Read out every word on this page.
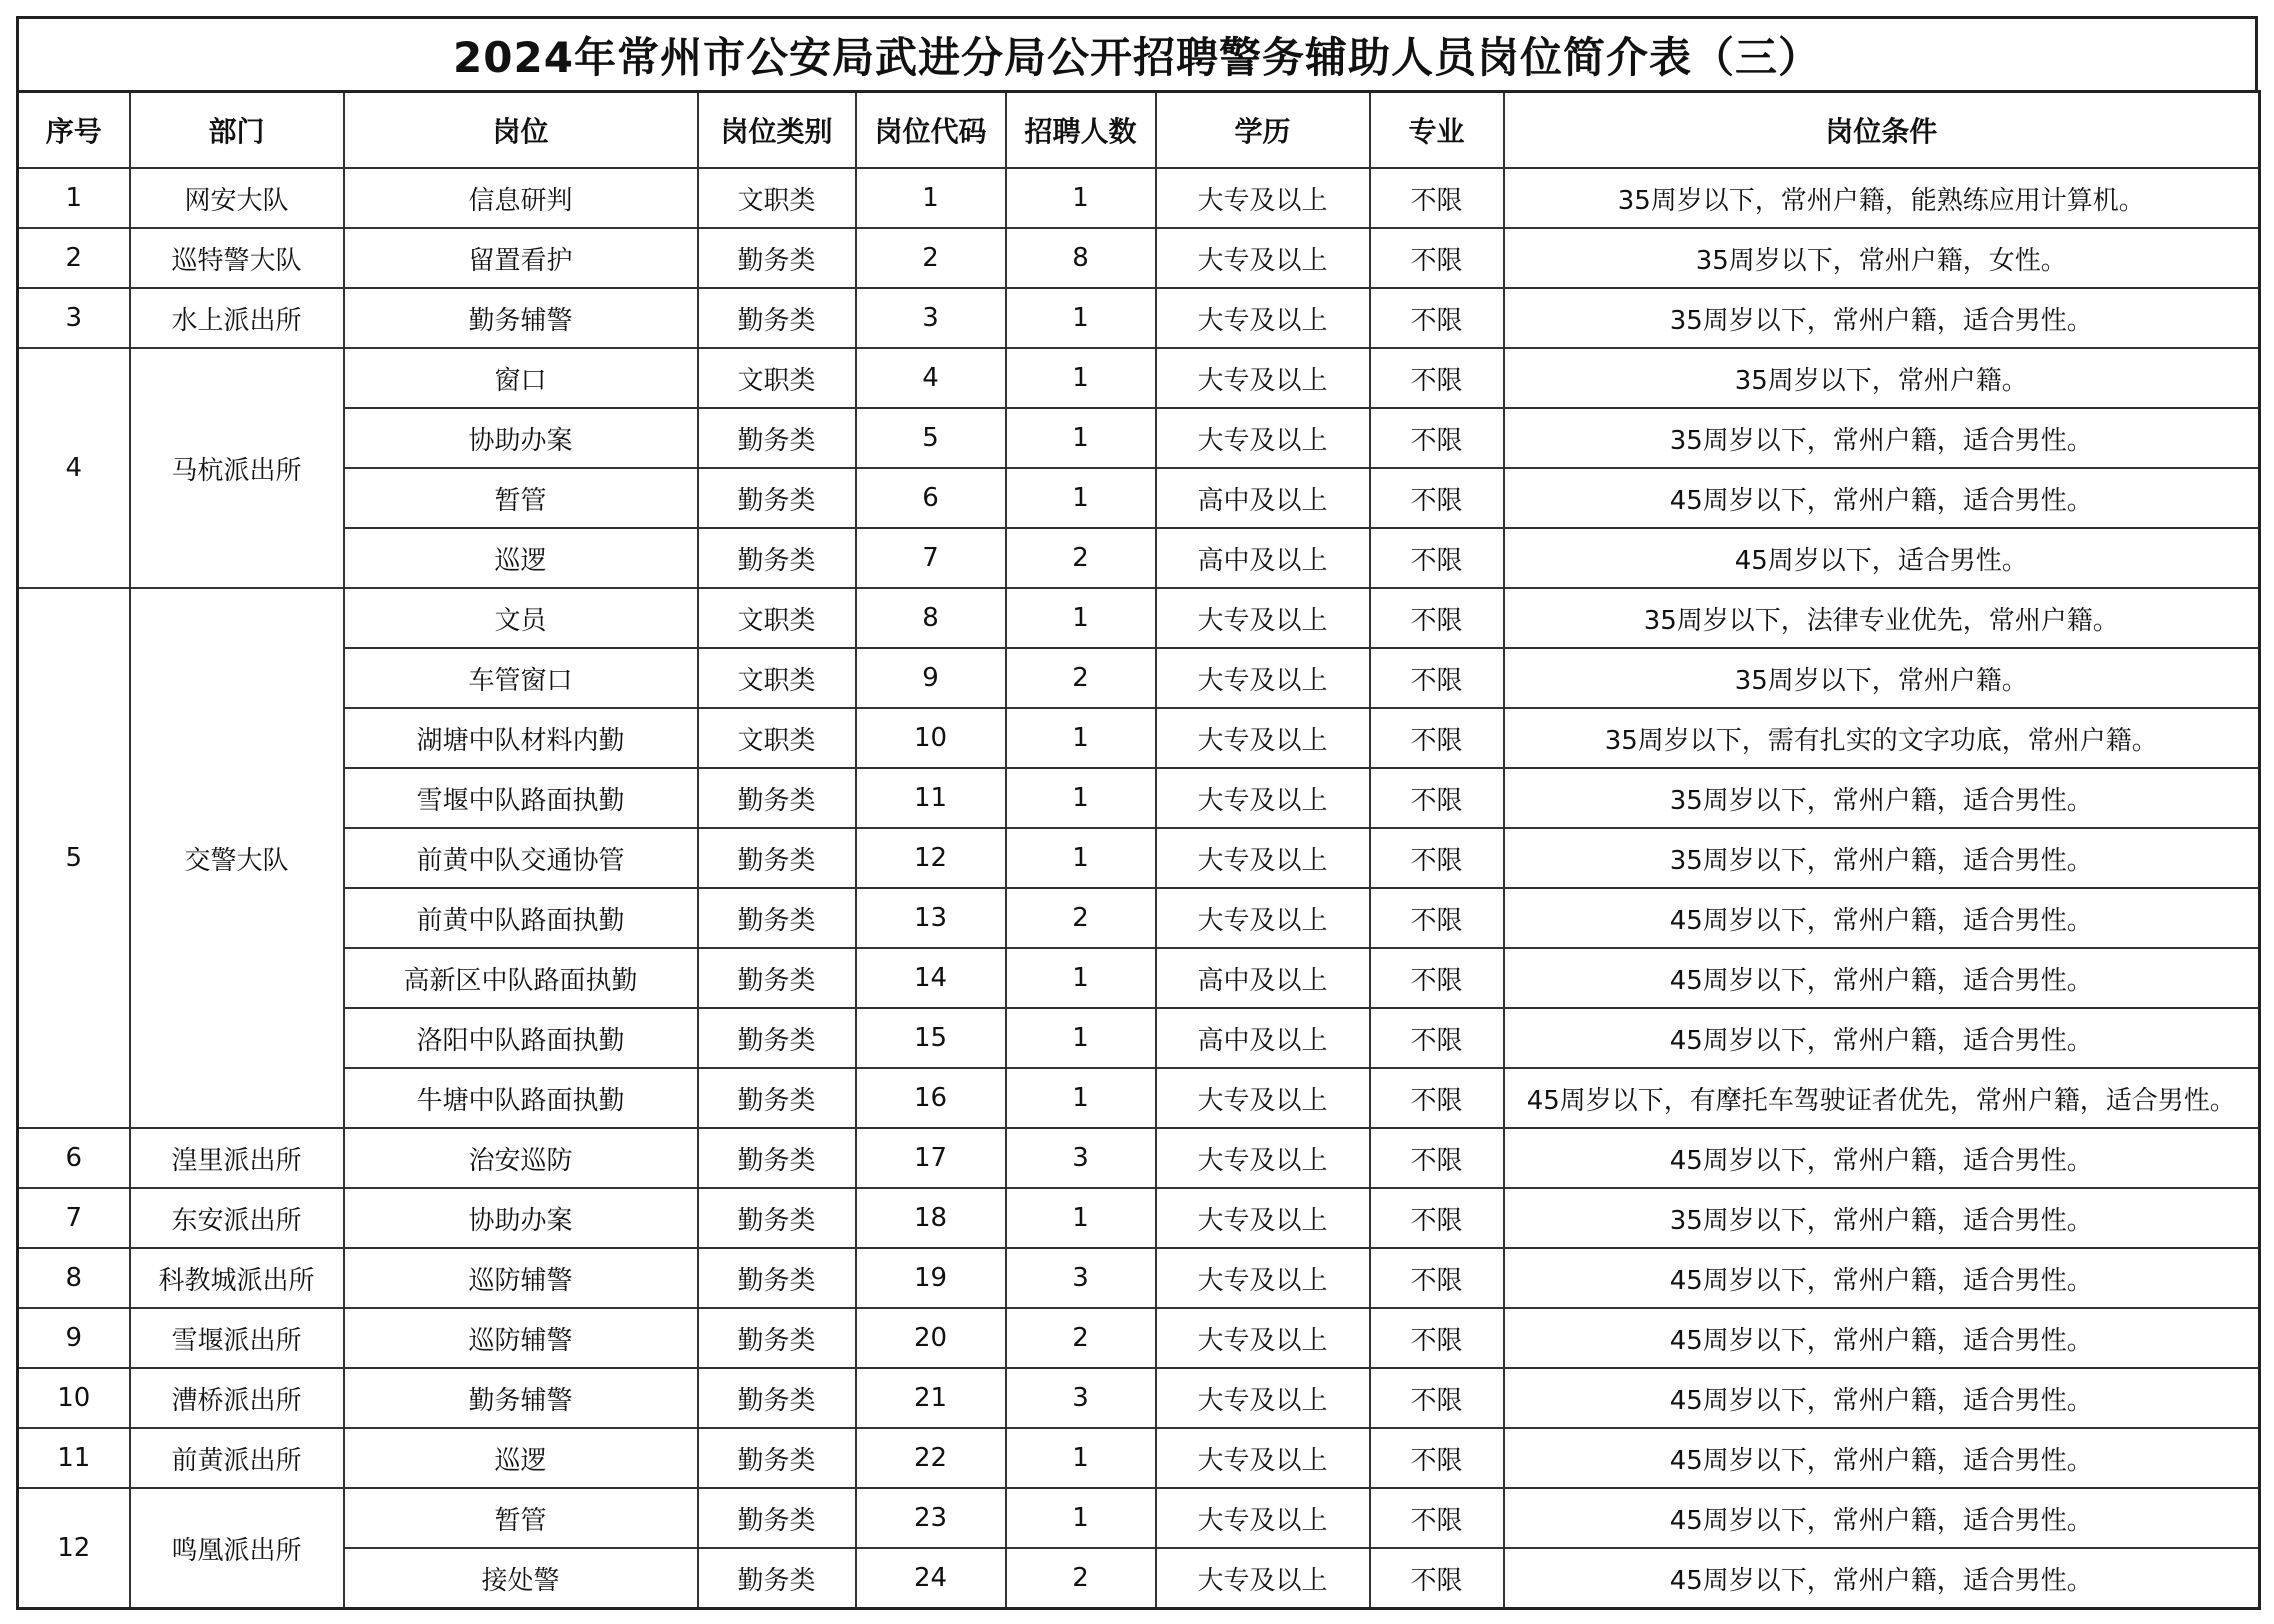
2024年常州市公安局武进分局公开招聘警务辅助人员岗位简介表（三）
序号	部门	岗位	岗位类别	岗位代码	招聘人数	学历	专业	岗位条件
1	网安大队	信息研判	文职类	1	1	大专及以上	不限	35周岁以下，常州户籍，能熟练应用计算机。
2	巡特警大队	留置看护	勤务类	2	8	大专及以上	不限	35周岁以下，常州户籍，女性。
3	水上派出所	勤务辅警	勤务类	3	1	大专及以上	不限	35周岁以下，常州户籍，适合男性。
4	马杭派出所	窗口	文职类	4	1	大专及以上	不限	35周岁以下，常州户籍。
		协助办案	勤务类	5	1	大专及以上	不限	35周岁以下，常州户籍，适合男性。
		暂管	勤务类	6	1	高中及以上	不限	45周岁以下，常州户籍，适合男性。
		巡逻	勤务类	7	2	高中及以上	不限	45周岁以下，适合男性。
5	交警大队	文员	文职类	8	1	大专及以上	不限	35周岁以下，法律专业优先，常州户籍。
		车管窗口	文职类	9	2	大专及以上	不限	35周岁以下，常州户籍。
		湖塘中队材料内勤	文职类	10	1	大专及以上	不限	35周岁以下，需有扎实的文字功底，常州户籍。
		雪堰中队路面执勤	勤务类	11	1	大专及以上	不限	35周岁以下，常州户籍，适合男性。
		前黄中队交通协管	勤务类	12	1	大专及以上	不限	35周岁以下，常州户籍，适合男性。
		前黄中队路面执勤	勤务类	13	2	大专及以上	不限	45周岁以下，常州户籍，适合男性。
		高新区中队路面执勤	勤务类	14	1	高中及以上	不限	45周岁以下，常州户籍，适合男性。
		洛阳中队路面执勤	勤务类	15	1	高中及以上	不限	45周岁以下，常州户籍，适合男性。
		牛塘中队路面执勤	勤务类	16	1	大专及以上	不限	45周岁以下，有摩托车驾驶证者优先，常州户籍，适合男性。
6	湟里派出所	治安巡防	勤务类	17	3	大专及以上	不限	45周岁以下，常州户籍，适合男性。
7	东安派出所	协助办案	勤务类	18	1	大专及以上	不限	35周岁以下，常州户籍，适合男性。
8	科教城派出所	巡防辅警	勤务类	19	3	大专及以上	不限	45周岁以下，常州户籍，适合男性。
9	雪堰派出所	巡防辅警	勤务类	20	2	大专及以上	不限	45周岁以下，常州户籍，适合男性。
10	漕桥派出所	勤务辅警	勤务类	21	3	大专及以上	不限	45周岁以下，常州户籍，适合男性。
11	前黄派出所	巡逻	勤务类	22	1	大专及以上	不限	45周岁以下，常州户籍，适合男性。
12	鸣凰派出所	暂管	勤务类	23	1	大专及以上	不限	45周岁以下，常州户籍，适合男性。
		接处警	勤务类	24	2	大专及以上	不限	45周岁以下，常州户籍，适合男性。
